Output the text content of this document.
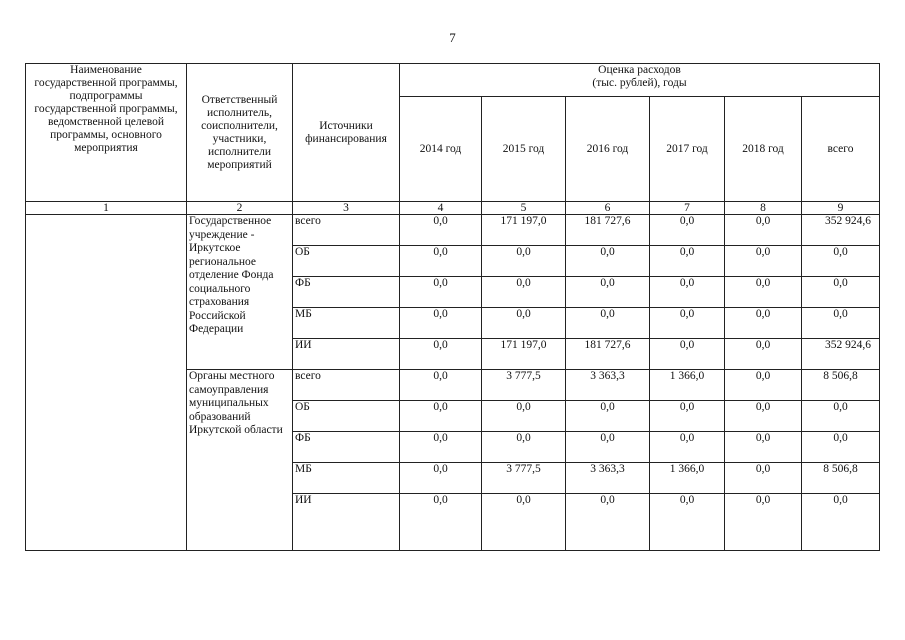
7
Наименование государственной программы, подпрограммы государственной программы, ведомственной целевой программы, основного мероприятия	Ответственный исполнитель, соисполнители, участники, исполнители мероприятий	Источники финансирования	Оценка расходов
(тыс. рублей), годы					
			2014 год	2015 год	2016 год	2017 год	2018 год	всего
1	2	3	4	5	6	7	8	9
	Государственное учреждение - Иркутское региональное отделение Фонда социального страхования Российской Федерации	всего	0,0	171 197,0	181 727,6	0,0	0,0	352 924,6
		ОБ	0,0	0,0	0,0	0,0	0,0	0,0
		ФБ	0,0	0,0	0,0	0,0	0,0	0,0
		МБ	0,0	0,0	0,0	0,0	0,0	0,0
		ИИ	0,0	171 197,0	181 727,6	0,0	0,0	352 924,6
	Органы местного самоуправления муниципальных образований Иркутской области	всего	0,0	3 777,5	3 363,3	1 366,0	0,0	8 506,8
		ОБ	0,0	0,0	0,0	0,0	0,0	0,0
		ФБ	0,0	0,0	0,0	0,0	0,0	0,0
		МБ	0,0	3 777,5	3 363,3	1 366,0	0,0	8 506,8
		ИИ	0,0	0,0	0,0	0,0	0,0	0,0
